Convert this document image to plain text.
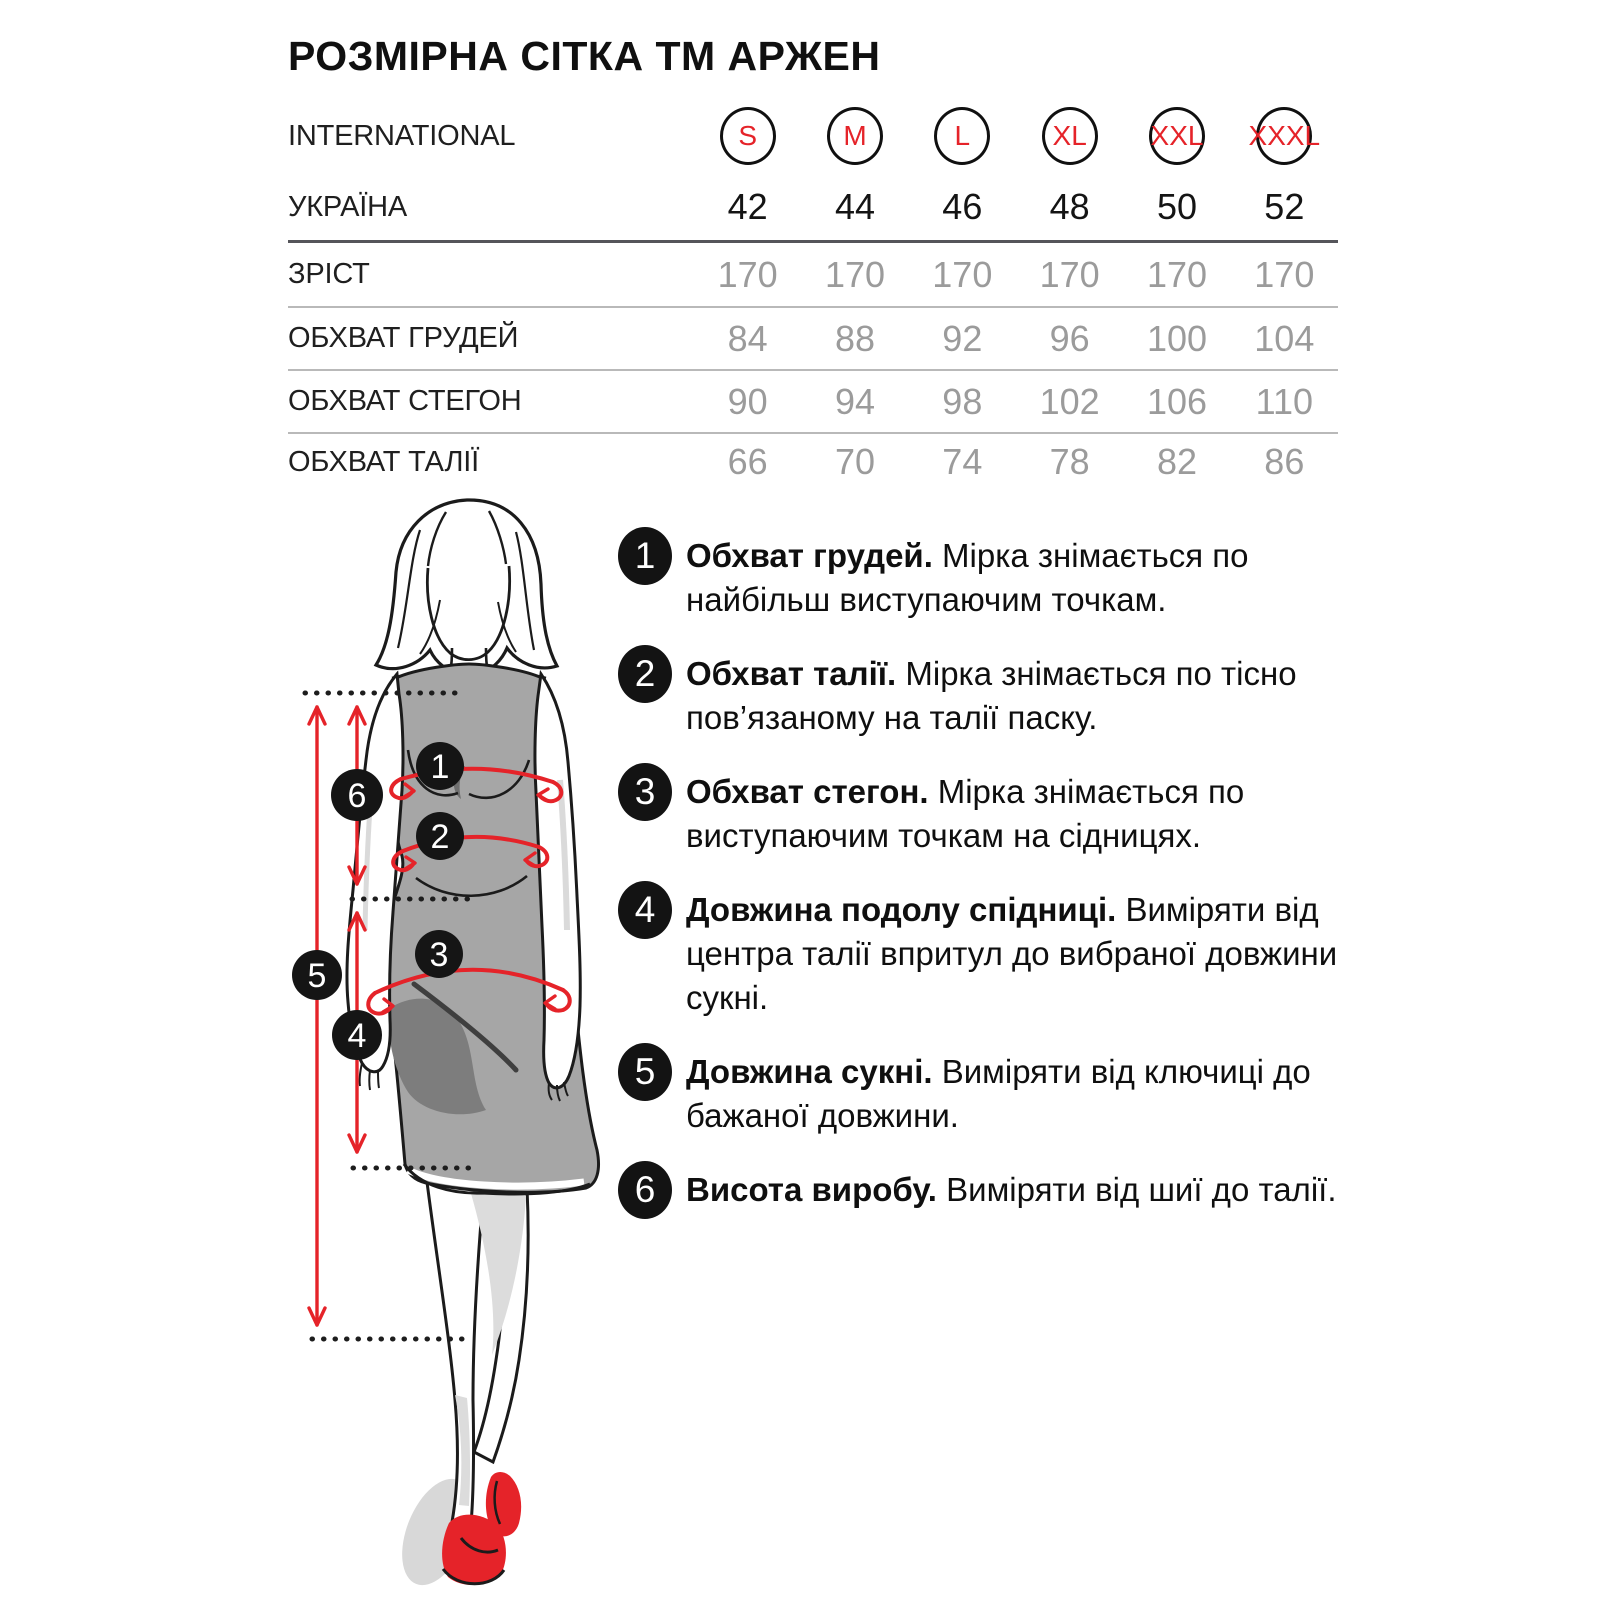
РОЗМІРНА СІТКА ТМ АРЖЕН
INTERNATIONAL	S	M	L	XL	XXL XXXL
УКРАЇНА	42	44	46	48	50	52
ЗРІСТ	170	170	170	170	170	170
ОБХВАТ ГРУДЕЙ	84	88	92	96	100	104
ОБХВАТ СТЕГОН	90	94	98	102	106	110
ОБХВАТ ТАЛІЇ	66	70	74	78	82	86
1 Обхват грудей. Мірка знімається по найбільш виступаючим точкам.
2 Обхват талії. Мірка знімається по тісно пов’язаному на талії паску.
3 Обхват стегон. Мірка знімається по виступаючим точкам на сідницях.
4 Довжина подолу спідниці. Виміряти від центра талії впритул до вибраної довжини сукні.
5 Довжина сукні. Виміряти від ключиці до бажаної довжини.
6 Висота виробу. Виміряти від шиї до талії.
1
2
3
4
5
6
